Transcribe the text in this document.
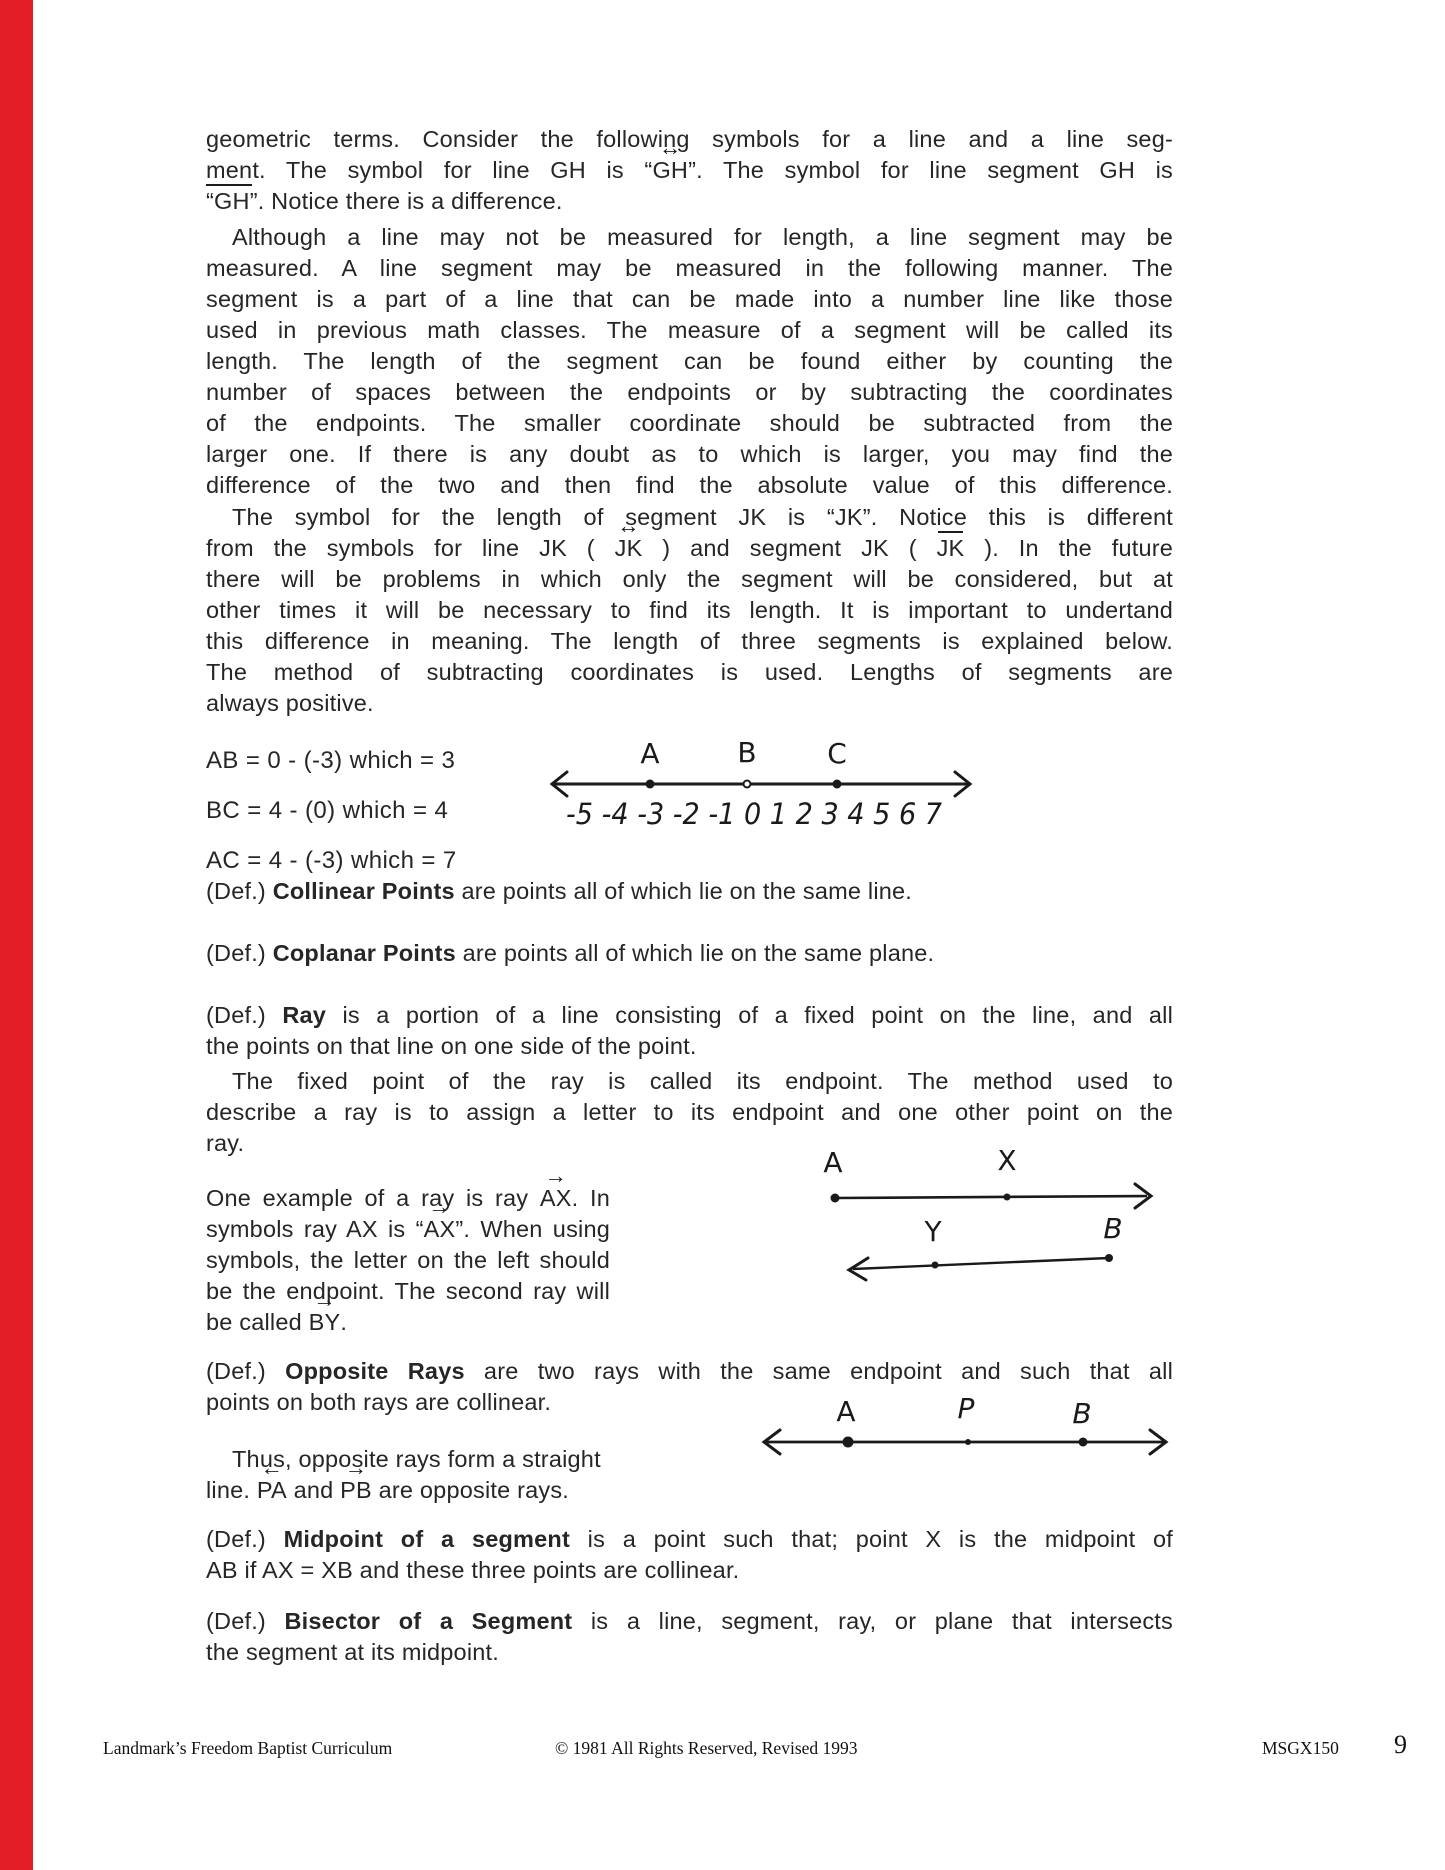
geometric terms. Consider the following symbols for a line and a line seg-
ment. The symbol for line GH is “↔ GH”. The symbol for line segment GH is
“GH”. Notice there is a difference.
Although a line may not be measured for length, a line segment may be
measured. A line segment may be measured in the following manner. The
segment is a part of a line that can be made into a number line like those
used in previous math classes. The measure of a segment will be called its
length. The length of the segment can be found either by counting the
number of spaces between the endpoints or by subtracting the coordinates
of the endpoints. The smaller coordinate should be subtracted from the
larger one. If there is any doubt as to which is larger, you may find the
difference of the two and then find the absolute value of this difference.
The symbol for the length of segment JK is “JK”. Notice this is different
from the symbols for line JK ( ↔ JK ) and segment JK ( JK ). In the future
there will be problems in which only the segment will be considered, but at
other times it will be necessary to find its length. It is important to undertand
this difference in meaning. The length of three segments is explained below.
The method of subtracting coordinates is used. Lengths of segments are
always positive.
AB = 0 - (-3) which = 3
BC = 4 - (0) which = 4
AC = 4 - (-3) which = 7
A	B	C
-5 -4 -3 -2 -1 0 1 2 3 4 5 6 7
(Def.) Collinear Points are points all of which lie on the same line.
(Def.) Coplanar Points are points all of which lie on the same plane.
(Def.) Ray is a portion of a line consisting of a fixed point on the line, and all
the points on that line on one side of the point.
The fixed point of the ray is called its endpoint. The method used to
describe a ray is to assign a letter to its endpoint and one other point on the
ray.
One example of a ray is ray → AX. In
symbols ray AX is “→ AX”. When using
symbols, the letter on the left should
be the endpoint. The second ray will
be called → BY.
A	X
Y	B
(Def.) Opposite Rays are two rays with the same endpoint and such that all
points on both rays are collinear.
Thus, opposite rays form a straight
line. ← PA and → PB are opposite rays.
A	P	B
(Def.) Midpoint of a segment is a point such that; point X is the midpoint of
AB if AX = XB and these three points are collinear.
(Def.) Bisector of a Segment is a line, segment, ray, or plane that intersects
the segment at its midpoint.
Landmark’s Freedom Baptist Curriculum	© 1981 All Rights Reserved, Revised 1993	MSGX150 9
